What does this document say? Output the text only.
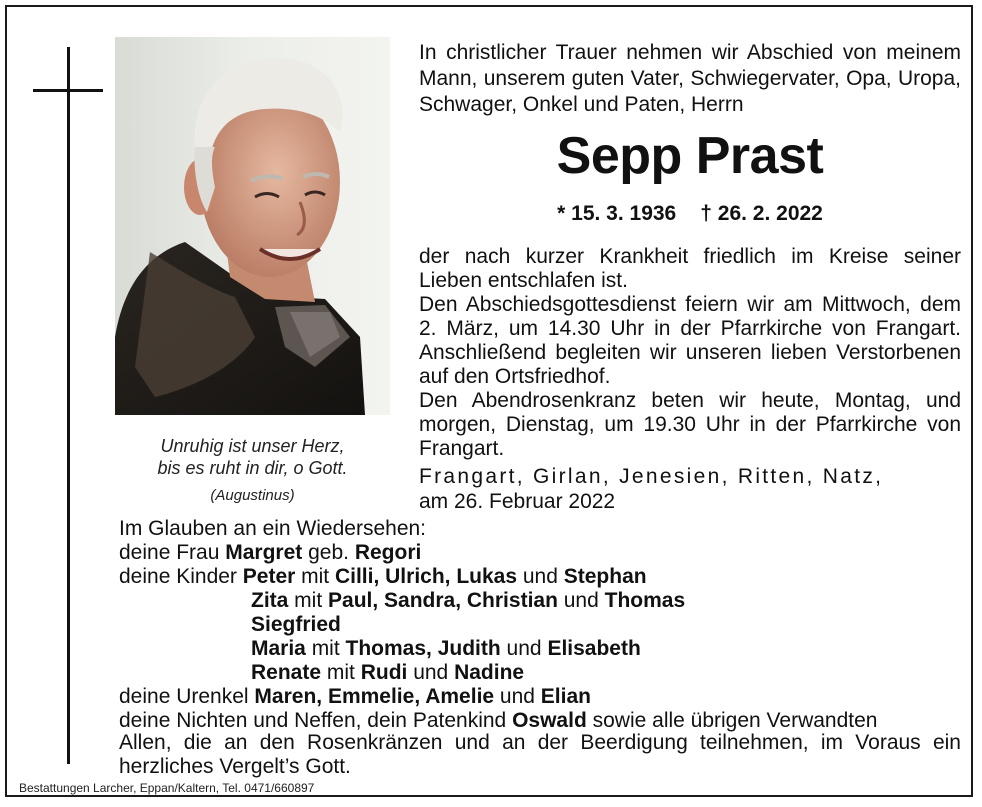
Unruhig ist unser Herz,
bis es ruht in dir, o Gott.
(Augustinus)
In christlicher Trauer nehmen wir Abschied von meinem Mann, unserem guten Vater, Schwiegervater, Opa, Uropa, Schwager, Onkel und Paten, Herrn
Sepp Prast
* 15. 3. 1936 † 26. 2. 2022

der nach kurzer Krankheit friedlich im Kreise seiner Lieben entschlafen ist.

Den Abschiedsgottesdienst feiern wir am Mittwoch, dem 2. März, um 14.30 Uhr in der Pfarrkirche von Frangart. Anschließend begleiten wir unseren lieben Verstorbenen auf den Ortsfriedhof.

Den Abendrosenkranz beten wir heute, Montag, und morgen, Dienstag, um 19.30 Uhr in der Pfarrkirche von Frangart.

Frangart, Girlan, Jenesien, Ritten, Natz,
am 26. Februar 2022
Im Glauben an ein Wiedersehen:
deine Frau Margret geb. Regori
deine Kinder Peter mit Cilli, Ulrich, Lukas und Stephan
Zita mit Paul, Sandra, Christian und Thomas
Siegfried
Maria mit Thomas, Judith und Elisabeth
Renate mit Rudi und Nadine
deine Urenkel Maren, Emmelie, Amelie und Elian
deine Nichten und Neffen, dein Patenkind Oswald sowie alle übrigen Verwandten
Allen, die an den Rosenkränzen und an der Beerdigung teilnehmen, im Voraus ein herzliches Vergelt’s Gott.
Bestattungen Larcher, Eppan/Kaltern, Tel. 0471/660897
